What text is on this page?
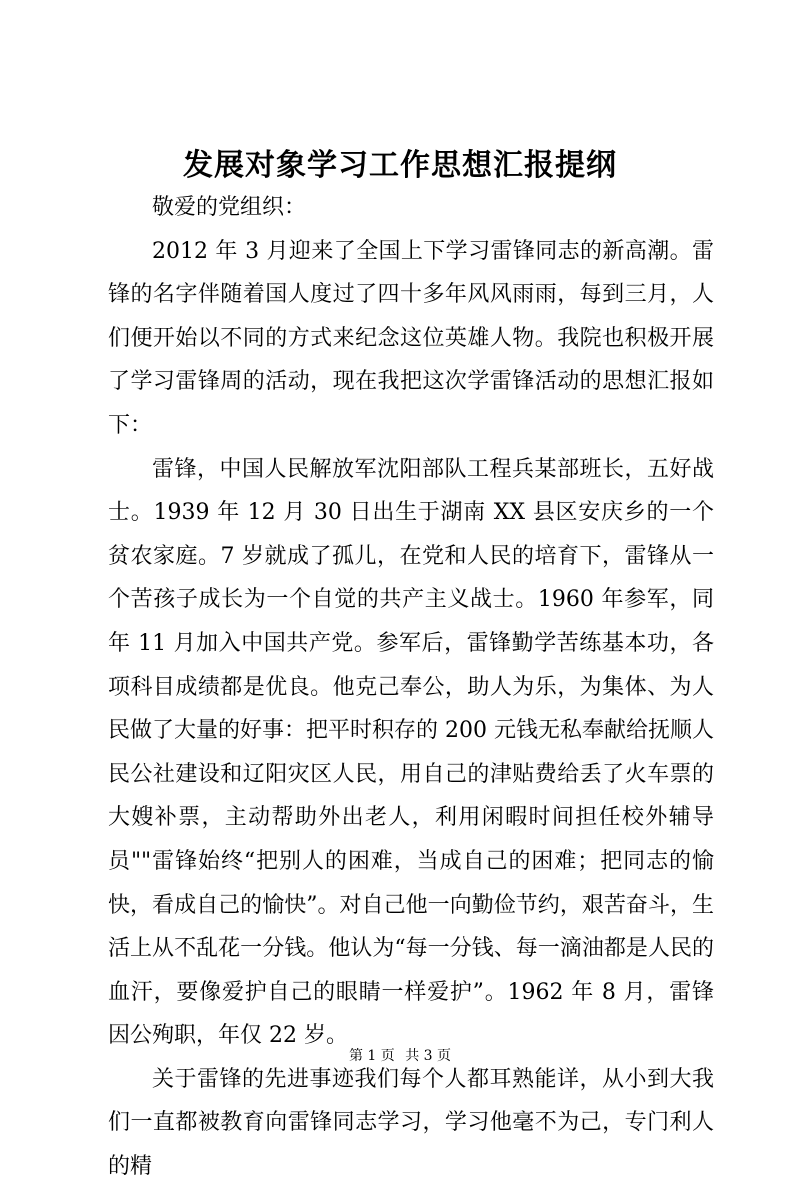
发展对象学习工作思想汇报提纲

敬爱的党组织：

2012 年 3 月迎来了全国上下学习雷锋同志的新高潮。雷锋的名字伴随着国人度过了四十多年风风雨雨，每到三月，人们便开始以不同的方式来纪念这位英雄人物。我院也积极开展了学习雷锋周的活动，现在我把这次学雷锋活动的思想汇报如下：

雷锋，中国人民解放军沈阳部队工程兵某部班长，五好战士。1939 年 12 月 30 日出生于湖南 XX 县区安庆乡的一个贫农家庭。7 岁就成了孤儿，在党和人民的培育下，雷锋从一个苦孩子成长为一个自觉的共产主义战士。1960 年参军，同年 11 月加入中国共产党。参军后，雷锋勤学苦练基本功，各项科目成绩都是优良。他克己奉公，助人为乐，为集体、为人民做了大量的好事：把平时积存的 200 元钱无私奉献给抚顺人民公社建设和辽阳灾区人民，用自己的津贴费给丢了火车票的大嫂补票，主动帮助外出老人，利用闲暇时间担任校外辅导员""雷锋始终“把别人的困难，当成自己的困难；把同志的愉快，看成自己的愉快”。对自己他一向勤俭节约，艰苦奋斗，生活上从不乱花一分钱。他认为“每一分钱、每一滴油都是人民的血汗，要像爱护自己的眼睛一样爱护”。1962 年 8 月，雷锋因公殉职，年仅 22 岁。

关于雷锋的先进事迹我们每个人都耳熟能详，从小到大我们一直都被教育向雷锋同志学习，学习他毫不为己，专门利人的精

第 1 页 共 3 页
